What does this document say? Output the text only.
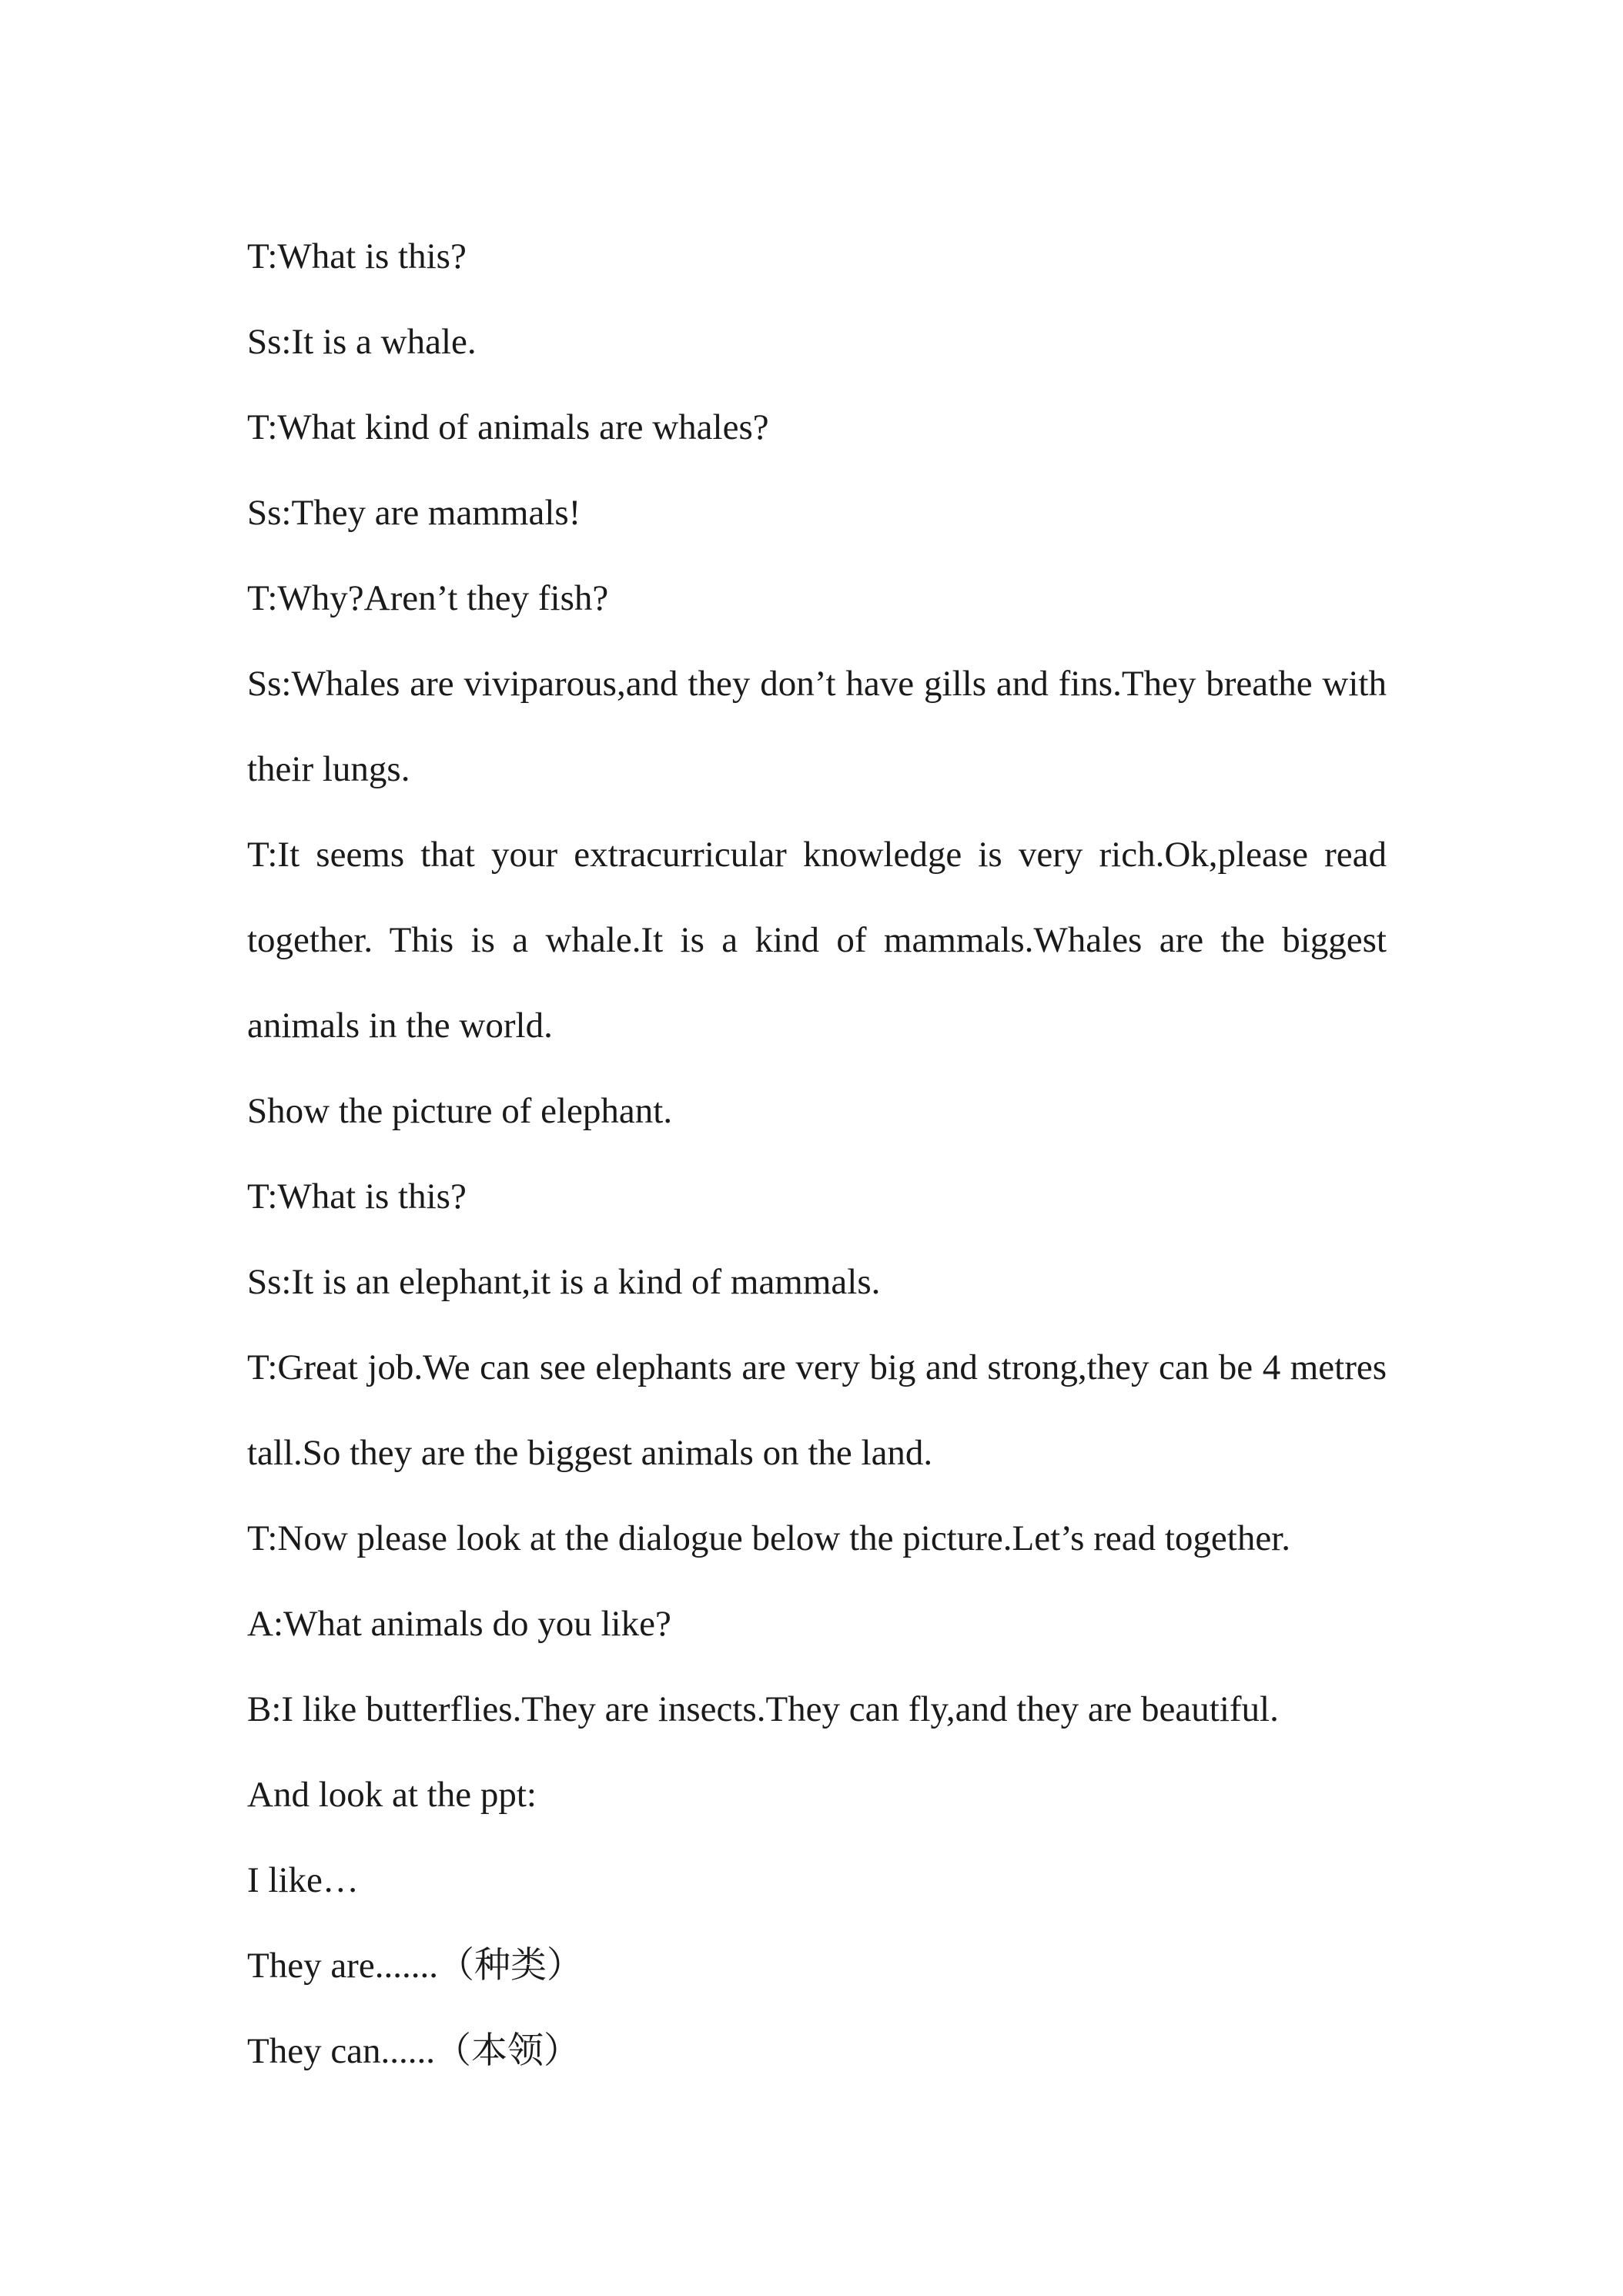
T:What is this?

Ss:It is a whale.

T:What kind of animals are whales?

Ss:They are mammals!

T:Why?Aren’t they fish?

Ss:Whales are viviparous,and they don’t have gills and fins.They breathe with their lungs.

T:It seems that your extracurricular knowledge is very rich.Ok,please read together. This is a whale.It is a kind of mammals.Whales are the biggest animals in the world.

Show the picture of elephant.

T:What is this?

Ss:It is an elephant,it is a kind of mammals.

T:Great job.We can see elephants are very big and strong,they can be 4 metres tall.So they are the biggest animals on the land.

T:Now please look at the dialogue below the picture.Let’s read together.

A:What animals do you like?

B:I like butterflies.They are insects.They can fly,and they are beautiful.

And look at the ppt:

I like…

They are.......（种类）

They can......（本领）
